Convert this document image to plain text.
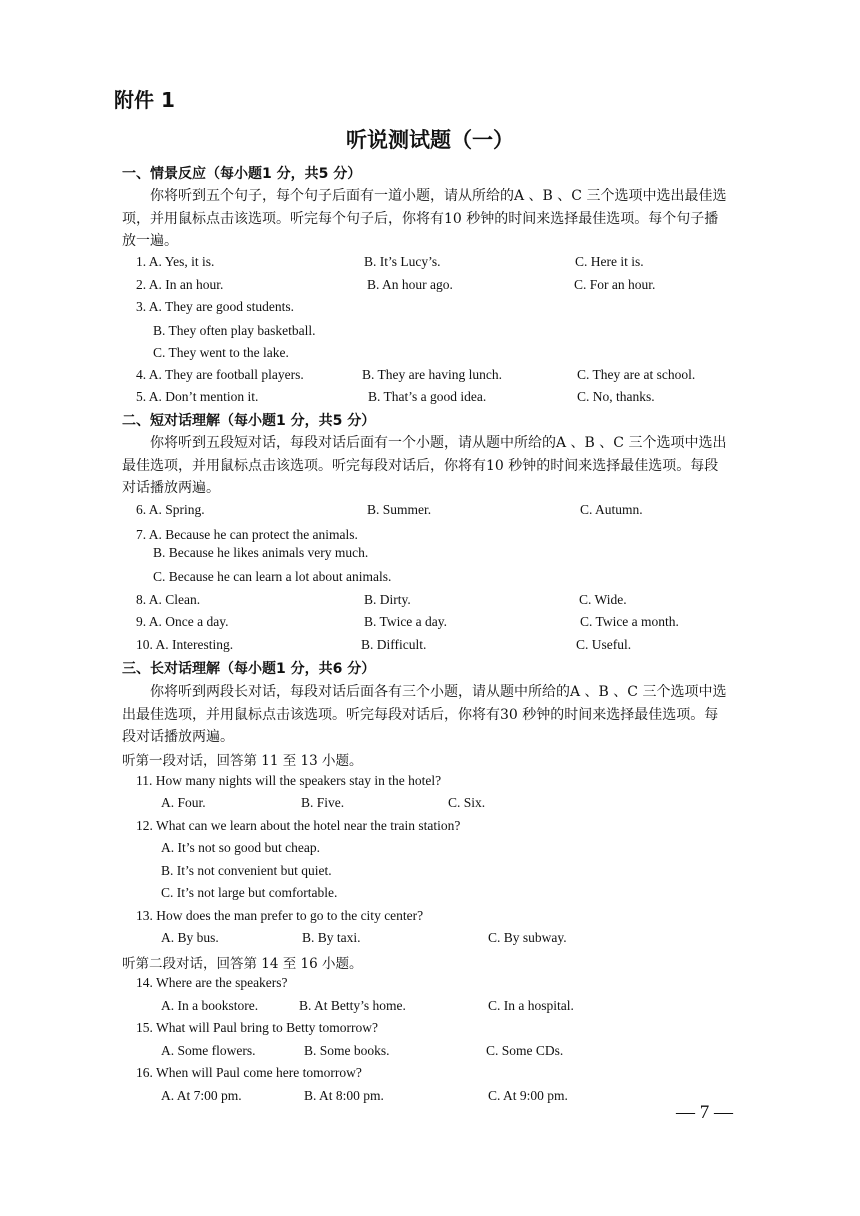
附件 1
听说测试题（一）
一、情景反应（每小题1 分，共5 分）
你将听到五个句子，每个句子后面有一道小题，请从所给的A 、B 、C 三个选项中选出最佳选项，并用鼠标点击该选项。听完每个句子后，你将有10 秒钟的时间来选择最佳选项。每个句子播放一遍。
1. A. Yes, it is.	B. It’s Lucy’s.	C. Here it is.
2. A. In an hour.	B. An hour ago.	C. For an hour.
3. A. They are good students.
B. They often play basketball.
C. They went to the lake.
4. A. They are football players.	B. They are having lunch.	C. They are at school.
5. A. Don’t mention it.	B. That’s a good idea.	C. No, thanks.
二、短对话理解（每小题1 分，共5 分）
你将听到五段短对话，每段对话后面有一个小题，请从题中所给的A 、B 、C 三个选项中选出最佳选项，并用鼠标点击该选项。听完每段对话后，你将有10 秒钟的时间来选择最佳选项。每段对话播放两遍。
6. A. Spring.	B. Summer.	C. Autumn.
7. A. Because he can protect the animals.
B. Because he likes animals very much.
C. Because he can learn a lot about animals.
8. A. Clean.	B. Dirty.	C. Wide.
9. A. Once a day.	B. Twice a day.	C. Twice a month.
10. A. Interesting.	B. Difficult.	C. Useful.
三、长对话理解（每小题1 分，共6 分）
你将听到两段长对话，每段对话后面各有三个小题，请从题中所给的A 、B 、C 三个选项中选出最佳选项，并用鼠标点击该选项。听完每段对话后，你将有30 秒钟的时间来选择最佳选项。每段对话播放两遍。
听第一段对话，回答第 11 至 13 小题。
11. How many nights will the speakers stay in the hotel?
A. Four.	B. Five.	C. Six.
12. What can we learn about the hotel near the train station?
A. It’s not so good but cheap.
B. It’s not convenient but quiet.
C. It’s not large but comfortable.
13. How does the man prefer to go to the city center?
A. By bus.	B. By taxi.	C. By subway.
听第二段对话，回答第 14 至 16 小题。
14. Where are the speakers?
A. In a bookstore.	B. At Betty’s home.	C. In a hospital.
15. What will Paul bring to Betty tomorrow?
A. Some flowers.	B. Some books.	C. Some CDs.
16. When will Paul come here tomorrow?
A. At 7:00 pm.	B. At 8:00 pm.	C. At 9:00 pm.
— 7 —
